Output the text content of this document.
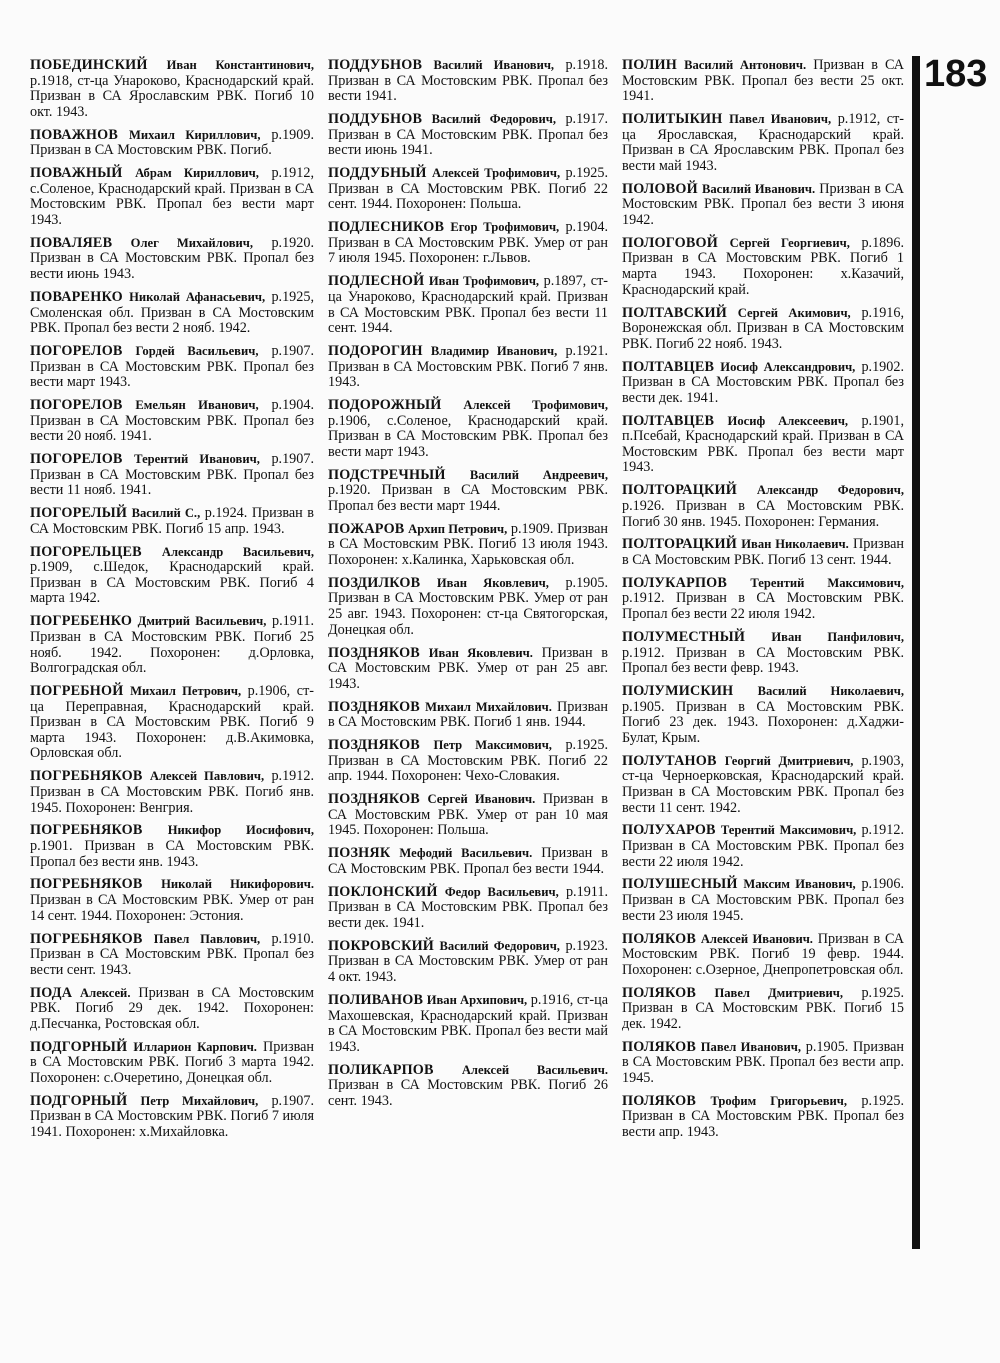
ПОБЕДИНСКИЙ Иван Константинович, р.1918, ст-ца Унароково, Краснодарский край. Призван в СА Ярославским РВК. Погиб 10 окт. 1943.

ПОВАЖНОВ Михаил Кириллович, р.1909. Призван в СА Мостовским РВК. Погиб.

ПОВАЖНЫЙ Абрам Кириллович, р.1912, с.Соленое, Краснодарский край. Призван в СА Мостовским РВК. Пропал без вести март 1943.

ПОВАЛЯЕВ Олег Михайлович, р.1920. Призван в СА Мостовским РВК. Пропал без вести июнь 1943.

ПОВАРЕНКО Николай Афанасьевич, р.1925, Смоленская обл. Призван в СА Мостовским РВК. Пропал без вести 2 нояб. 1942.

ПОГОРЕЛОВ Гордей Васильевич, р.1907. Призван в СА Мостовским РВК. Пропал без вести март 1943.

ПОГОРЕЛОВ Емельян Иванович, р.1904. Призван в СА Мостовским РВК. Пропал без вести 20 нояб. 1941.

ПОГОРЕЛОВ Терентий Иванович, р.1907. Призван в СА Мостовским РВК. Пропал без вести 11 нояб. 1941.

ПОГОРЕЛЫЙ Василий С., р.1924. Призван в СА Мостовским РВК. Погиб 15 апр. 1943.

ПОГОРЕЛЬЦЕВ Александр Васильевич, р.1909, с.Шедок, Краснодарский край. Призван в СА Мостовским РВК. Погиб 4 марта 1942.

ПОГРЕБЕНКО Дмитрий Васильевич, р.1911. Призван в СА Мостовским РВК. Погиб 25 нояб. 1942. Похоронен: д.Орловка, Волгоградская обл.

ПОГРЕБНОЙ Михаил Петрович, р.1906, ст-ца Переправная, Краснодарский край. Призван в СА Мостовским РВК. Погиб 9 марта 1943. Похоронен: д.В.Акимовка, Орловская обл.

ПОГРЕБНЯКОВ Алексей Павлович, р.1912. Призван в СА Мостовским РВК. Погиб янв. 1945. Похоронен: Венгрия.

ПОГРЕБНЯКОВ Никифор Иосифович, р.1901. Призван в СА Мостовским РВК. Пропал без вести янв. 1943.

ПОГРЕБНЯКОВ Николай Никифорович. Призван в СА Мостовским РВК. Умер от ран 14 сент. 1944. Похоронен: Эстония.

ПОГРЕБНЯКОВ Павел Павлович, р.1910. Призван в СА Мостовским РВК. Пропал без вести сент. 1943.

ПОДА Алексей. Призван в СА Мостовским РВК. Погиб 29 дек. 1942. Похоронен: д.Песчанка, Ростовская обл.

ПОДГОРНЫЙ Илларион Карпович. Призван в СА Мостовским РВК. Погиб 3 марта 1942. Похоронен: с.Очеретино, Донецкая обл.

ПОДГОРНЫЙ Петр Михайлович, р.1907. Призван в СА Мостовским РВК. Погиб 7 июля 1941. Похоронен: х.Михайловка.

ПОДДУБНОВ Василий Иванович, р.1918. Призван в СА Мостовским РВК. Пропал без вести 1941.

ПОДДУБНОВ Василий Федорович, р.1917. Призван в СА Мостовским РВК. Пропал без вести июнь 1941.

ПОДДУБНЫЙ Алексей Трофимович, р.1925. Призван в СА Мостовским РВК. Погиб 22 сент. 1944. Похоронен: Польша.

ПОДЛЕСНИКОВ Егор Трофимович, р.1904. Призван в СА Мостовским РВК. Умер от ран 7 июля 1945. Похоронен: г.Львов.

ПОДЛЕСНОЙ Иван Трофимович, р.1897, ст-ца Унароково, Краснодарский край. Призван в СА Мостовским РВК. Пропал без вести 11 сент. 1944.

ПОДОРОГИН Владимир Иванович, р.1921. Призван в СА Мостовским РВК. Погиб 7 янв. 1943.

ПОДОРОЖНЫЙ Алексей Трофимович, р.1906, с.Соленое, Краснодарский край. Призван в СА Мостовским РВК. Пропал без вести март 1943.

ПОДСТРЕЧНЫЙ Василий Андреевич, р.1920. Призван в СА Мостовским РВК. Пропал без вести март 1944.

ПОЖАРОВ Архип Петрович, р.1909. Призван в СА Мостовским РВК. Погиб 13 июля 1943. Похоронен: х.Калинка, Харьковская обл.

ПОЗДИЛКОВ Иван Яковлевич, р.1905. Призван в СА Мостовским РВК. Умер от ран 25 авг. 1943. Похоронен: ст-ца Святогорская, Донецкая обл.

ПОЗДНЯКОВ Иван Яковлевич. Призван в СА Мостовским РВК. Умер от ран 25 авг. 1943.

ПОЗДНЯКОВ Михаил Михайлович. Призван в СА Мостовским РВК. Погиб 1 янв. 1944.

ПОЗДНЯКОВ Петр Максимович, р.1925. Призван в СА Мостовским РВК. Погиб 22 апр. 1944. Похоронен: Чехо-Словакия.

ПОЗДНЯКОВ Сергей Иванович. Призван в СА Мостовским РВК. Умер от ран 10 мая 1945. Похоронен: Польша.

ПОЗНЯК Мефодий Васильевич. Призван в СА Мостовским РВК. Пропал без вести 1944.

ПОКЛОНСКИЙ Федор Васильевич, р.1911. Призван в СА Мостовским РВК. Пропал без вести дек. 1941.

ПОКРОВСКИЙ Василий Федорович, р.1923. Призван в СА Мостовским РВК. Умер от ран 4 окт. 1943.

ПОЛИВАНОВ Иван Архипович, р.1916, ст-ца Махошевская, Краснодарский край. Призван в СА Мостовским РВК. Пропал без вести май 1943.

ПОЛИКАРПОВ Алексей Васильевич. Призван в СА Мостовским РВК. Погиб 26 сент. 1943.

ПОЛИН Василий Антонович. Призван в СА Мостовским РВК. Пропал без вести 25 окт. 1941.

ПОЛИТЫКИН Павел Иванович, р.1912, ст-ца Ярославская, Краснодарский край. Призван в СА Ярославским РВК. Пропал без вести май 1943.

ПОЛОВОЙ Василий Иванович. Призван в СА Мостовским РВК. Пропал без вести 3 июня 1942.

ПОЛОГОВОЙ Сергей Георгиевич, р.1896. Призван в СА Мостовским РВК. Погиб 1 марта 1943. Похоронен: х.Казачий, Краснодарский край.

ПОЛТАВСКИЙ Сергей Акимович, р.1916, Воронежская обл. Призван в СА Мостовским РВК. Погиб 22 нояб. 1943.

ПОЛТАВЦЕВ Иосиф Александрович, р.1902. Призван в СА Мостовским РВК. Пропал без вести дек. 1941.

ПОЛТАВЦЕВ Иосиф Алексеевич, р.1901, п.Псебай, Краснодарский край. Призван в СА Мостовским РВК. Пропал без вести март 1943.

ПОЛТОРАЦКИЙ Александр Федорович, р.1926. Призван в СА Мостовским РВК. Погиб 30 янв. 1945. Похоронен: Германия.

ПОЛТОРАЦКИЙ Иван Николаевич. Призван в СА Мостовским РВК. Погиб 13 сент. 1944.

ПОЛУКАРПОВ Терентий Максимович, р.1912. Призван в СА Мостовским РВК. Пропал без вести 22 июля 1942.

ПОЛУМЕСТНЫЙ Иван Панфилович, р.1912. Призван в СА Мостовским РВК. Пропал без вести февр. 1943.

ПОЛУМИСКИН Василий Николаевич, р.1905. Призван в СА Мостовским РВК. Погиб 23 дек. 1943. Похоронен: д.Хаджи-Булат, Крым.

ПОЛУТАНОВ Георгий Дмитриевич, р.1903, ст-ца Черноерковская, Краснодарский край. Призван в СА Мостовским РВК. Пропал без вести 11 сент. 1942.

ПОЛУХАРОВ Терентий Максимович, р.1912. Призван в СА Мостовским РВК. Пропал без вести 22 июля 1942.

ПОЛУШЕСНЫЙ Максим Иванович, р.1906. Призван в СА Мостовским РВК. Пропал без вести 23 июля 1945.

ПОЛЯКОВ Алексей Иванович. Призван в СА Мостовским РВК. Погиб 19 февр. 1944. Похоронен: с.Озерное, Днепропетровская обл.

ПОЛЯКОВ Павел Дмитриевич, р.1925. Призван в СА Мостовским РВК. Погиб 15 дек. 1942.

ПОЛЯКОВ Павел Иванович, р.1905. Призван в СА Мостовским РВК. Пропал без вести апр. 1945.

ПОЛЯКОВ Трофим Григорьевич, р.1925. Призван в СА Мостовским РВК. Пропал без вести апр. 1943.

183
